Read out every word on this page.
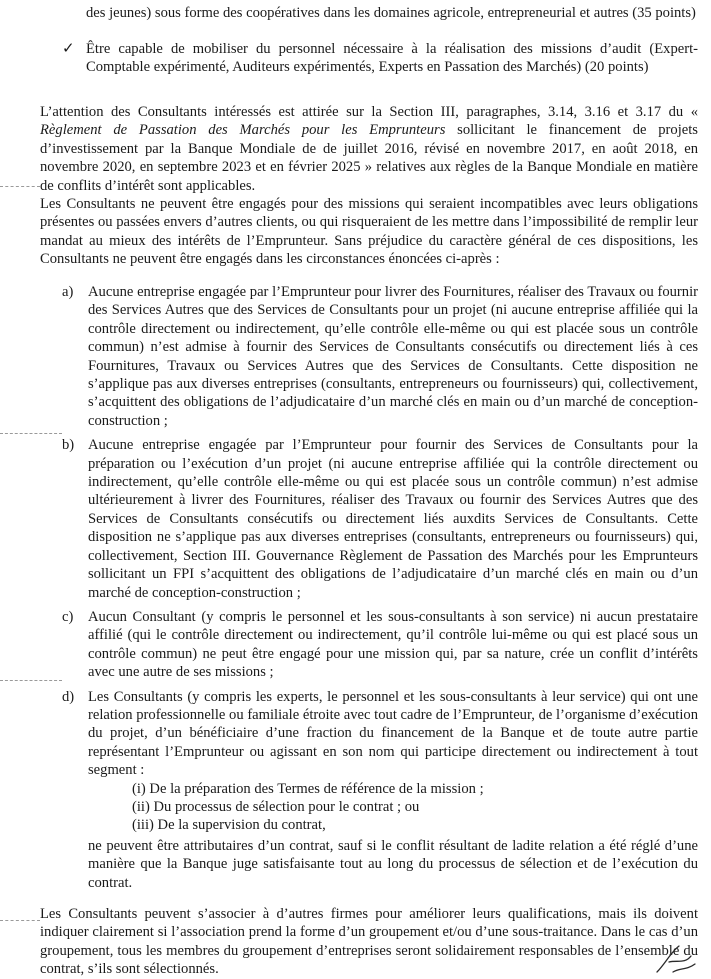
des jeunes) sous forme des coopératives dans les domaines agricole, entrepreneurial et autres (35 points)

✓ Être capable de mobiliser du personnel nécessaire à la réalisation des missions d’audit (Expert-Comptable expérimenté, Auditeurs expérimentés, Experts en Passation des Marchés) (20 points)

L’attention des Consultants intéressés est attirée sur la Section III, paragraphes, 3.14, 3.16 et 3.17 du « Règlement de Passation des Marchés pour les Emprunteurs sollicitant le financement de projets d’investissement par la Banque Mondiale de de juillet 2016, révisé en novembre 2017, en août 2018, en novembre 2020, en septembre 2023 et en février 2025 » relatives aux règles de la Banque Mondiale en matière de conflits d’intérêt sont applicables.

Les Consultants ne peuvent être engagés pour des missions qui seraient incompatibles avec leurs obligations présentes ou passées envers d’autres clients, ou qui risqueraient de les mettre dans l’impossibilité de remplir leur mandat au mieux des intérêts de l’Emprunteur. Sans préjudice du caractère général de ces dispositions, les Consultants ne peuvent être engagés dans les circonstances énoncées ci-après :

a)	Aucune entreprise engagée par l’Emprunteur pour livrer des Fournitures, réaliser des Travaux ou fournir des Services Autres que des Services de Consultants pour un projet (ni aucune entreprise affiliée qui la contrôle directement ou indirectement, qu’elle contrôle elle-même ou qui est placée sous un contrôle commun) n’est admise à fournir des Services de Consultants consécutifs ou directement liés à ces Fournitures, Travaux ou Services Autres que des Services de Consultants. Cette disposition ne s’applique pas aux diverses entreprises (consultants, entrepreneurs ou fournisseurs) qui, collectivement, s’acquittent des obligations de l’adjudicataire d’un marché clés en main ou d’un marché de conception-construction ;
b) Aucune entreprise engagée par l’Emprunteur pour fournir des Services de Consultants pour la préparation ou l’exécution d’un projet (ni aucune entreprise affiliée qui la contrôle directement ou indirectement, qu’elle contrôle elle-même ou qui est placée sous un contrôle commun) n’est admise ultérieurement à livrer des Fournitures, réaliser des Travaux ou fournir des Services Autres que des Services de Consultants consécutifs ou directement liés auxdits Services de Consultants. Cette disposition ne s’applique pas aux diverses entreprises (consultants, entrepreneurs ou fournisseurs) qui, collectivement, Section III. Gouvernance Règlement de Passation des Marchés pour les Emprunteurs sollicitant un FPI s’acquittent des obligations de l’adjudicataire d’un marché clés en main ou d’un marché de conception-construction ;
c)	Aucun Consultant (y compris le personnel et les sous-consultants à son service) ni aucun prestataire affilié (qui le contrôle directement ou indirectement, qu’il contrôle lui-même ou qui est placé sous un contrôle commun) ne peut être engagé pour une mission qui, par sa nature, crée un conflit d’intérêts avec une autre de ses missions ;
d) Les Consultants (y compris les experts, le personnel et les sous-consultants à leur service) qui ont une relation professionnelle ou familiale étroite avec tout cadre de l’Emprunteur, de l’organisme d’exécution du projet, d’un bénéficiaire d’une fraction du financement de la Banque et de toute autre partie représentant l’Emprunteur ou agissant en son nom qui participe directement ou indirectement à tout segment :
(i) De la préparation des Termes de référence de la mission ;
(ii) Du processus de sélection pour le contrat ; ou
(iii) De la supervision du contrat,
ne peuvent être attributaires d’un contrat, sauf si le conflit résultant de ladite relation a été réglé d’une manière que la Banque juge satisfaisante tout au long du processus de sélection et de l’exécution du contrat.

Les Consultants peuvent s’associer à d’autres firmes pour améliorer leurs qualifications, mais ils doivent indiquer clairement si l’association prend la forme d’un groupement et/ou d’une sous-traitance. Dans le cas d’un groupement, tous les membres du groupement d’entreprises seront solidairement responsables de l’ensemble du contrat, s’ils sont sélectionnés.
